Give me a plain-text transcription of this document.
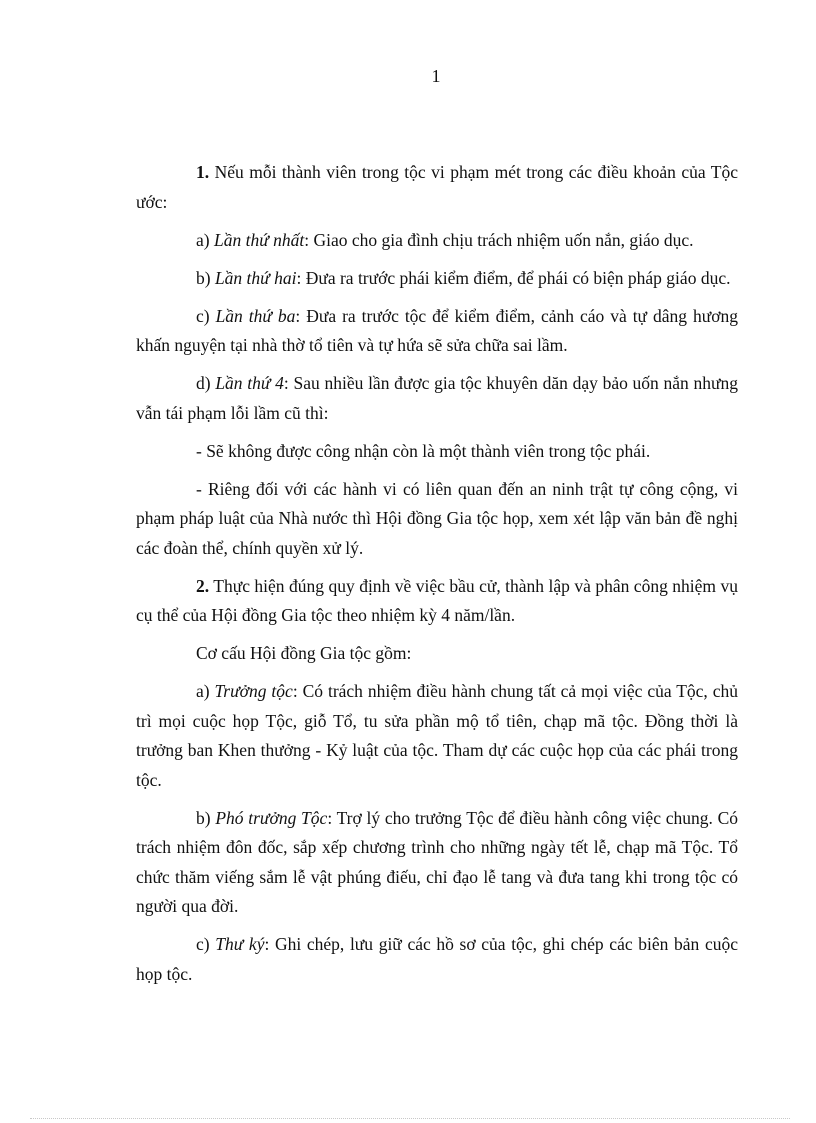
1

1. Nếu mỗi thành viên trong tộc vi phạm mét trong các điều khoản của Tộc ước:

a) Lần thứ nhất: Giao cho gia đình chịu trách nhiệm uốn nắn, giáo dục.

b) Lần thứ hai: Đưa ra trước phái kiểm điểm, để phái có biện pháp giáo dục.

c) Lần thứ ba: Đưa ra trước tộc để kiểm điểm, cảnh cáo và tự dâng hương khấn nguyện tại nhà thờ tổ tiên và tự hứa sẽ sửa chữa sai lầm.

d) Lần thứ 4: Sau nhiều lần được gia tộc khuyên dăn dạy bảo uốn nắn nhưng vẫn tái phạm lỗi lầm cũ thì:

- Sẽ không được công nhận còn là một thành viên trong tộc phái.

- Riêng đối với các hành vi có liên quan đến an ninh trật tự công cộng, vi phạm pháp luật của Nhà nước thì Hội đồng Gia tộc họp, xem xét lập văn bản đề nghị các đoàn thể, chính quyền xử lý.

2. Thực hiện đúng quy định về việc bầu cử, thành lập và phân công nhiệm vụ cụ thể của Hội đồng Gia tộc theo nhiệm kỳ 4 năm/lần.

Cơ cấu Hội đồng Gia tộc gồm:

a) Trưởng tộc: Có trách nhiệm điều hành chung tất cả mọi việc của Tộc, chủ trì mọi cuộc họp Tộc, giỗ Tổ, tu sửa phần mộ tổ tiên, chạp mã tộc. Đồng thời là trưởng ban Khen thưởng - Kỷ luật của tộc. Tham dự các cuộc họp của các phái trong tộc.

b) Phó trưởng Tộc: Trợ lý cho trưởng Tộc để điều hành công việc chung. Có trách nhiệm đôn đốc, sắp xếp chương trình cho những ngày tết lễ, chạp mã Tộc. Tổ chức thăm viếng sắm lễ vật phúng điếu, chỉ đạo lễ tang và đưa tang khi trong tộc có người qua đời.

c) Thư ký: Ghi chép, lưu giữ các hồ sơ của tộc, ghi chép các biên bản cuộc họp tộc.
